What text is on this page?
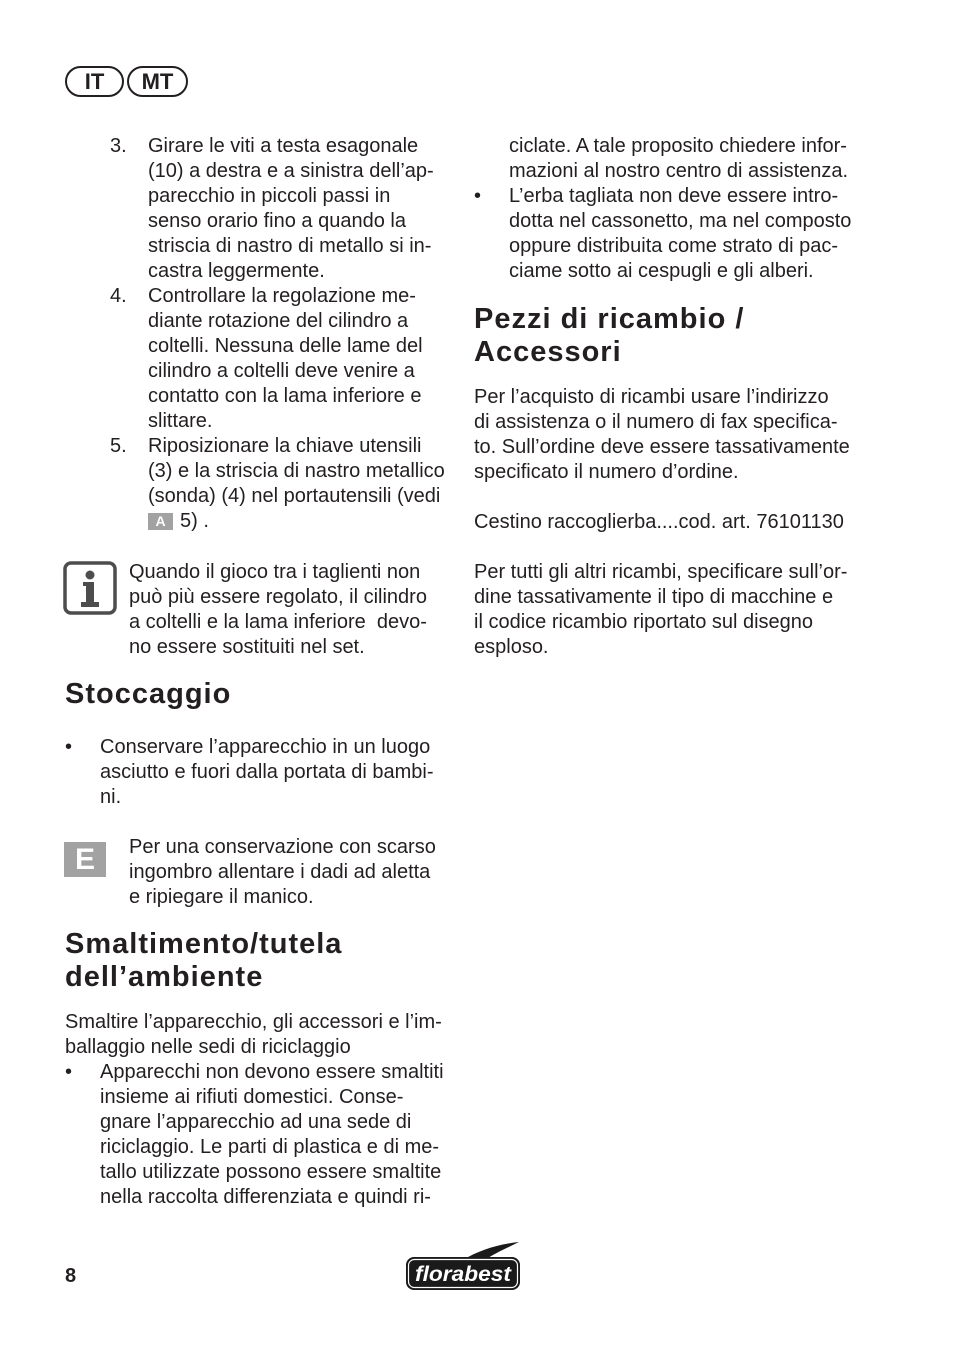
IT	MT
3. Girare le viti a testa esagonale
(10) a destra e a sinistra dell’ap-
parecchio in piccoli passi in
senso orario fino a quando la
striscia di nastro di metallo si in-
castra leggermente.
4. Controllare la regolazione me-
diante rotazione del cilindro a
coltelli. Nessuna delle lame del
cilindro a coltelli deve venire a
contatto con la lama inferiore e
slittare.
5. Riposizionare la chiave utensili
(3) e la striscia di nastro metallico
(sonda) (4) nel portautensili (vedi
A 5) .
Quando il gioco tra i taglienti non
può più essere regolato, il cilindro
a coltelli e la lama inferiore  devo-
no essere sostituiti nel set.
Stoccaggio
• Conservare l’apparecchio in un luogo
asciutto e fuori dalla portata di bambi-
ni.
E	Per una conservazione con scarso
ingombro allentare i dadi ad aletta
e ripiegare il manico.
Smaltimento/tutela
dell’ambiente
Smaltire l’apparecchio, gli accessori e l’im-
ballaggio nelle sedi di riciclaggio
• Apparecchi non devono essere smaltiti
insieme ai rifiuti domestici. Conse-
gnare l’apparecchio ad una sede di
riciclaggio. Le parti di plastica e di me-
tallo utilizzate possono essere smaltite
nella raccolta differenziata e quindi ri-
ciclate. A tale proposito chiedere infor-
mazioni al nostro centro di assistenza.
• L’erba tagliata non deve essere intro-
dotta nel cassonetto, ma nel composto
oppure distribuita come strato di pac-
ciame sotto ai cespugli e gli alberi.
Pezzi di ricambio /
Accessori
Per l’acquisto di ricambi usare l’indirizzo
di assistenza o il numero di fax specifica-
to. Sull’ordine deve essere tassativamente
specificato il numero d’ordine.
Cestino raccoglierba....cod. art. 76101130
Per tutti gli altri ricambi, specificare sull’or-
dine tassativamente il tipo di macchine e
il codice ricambio riportato sul disegno
esploso.
8	florabest
